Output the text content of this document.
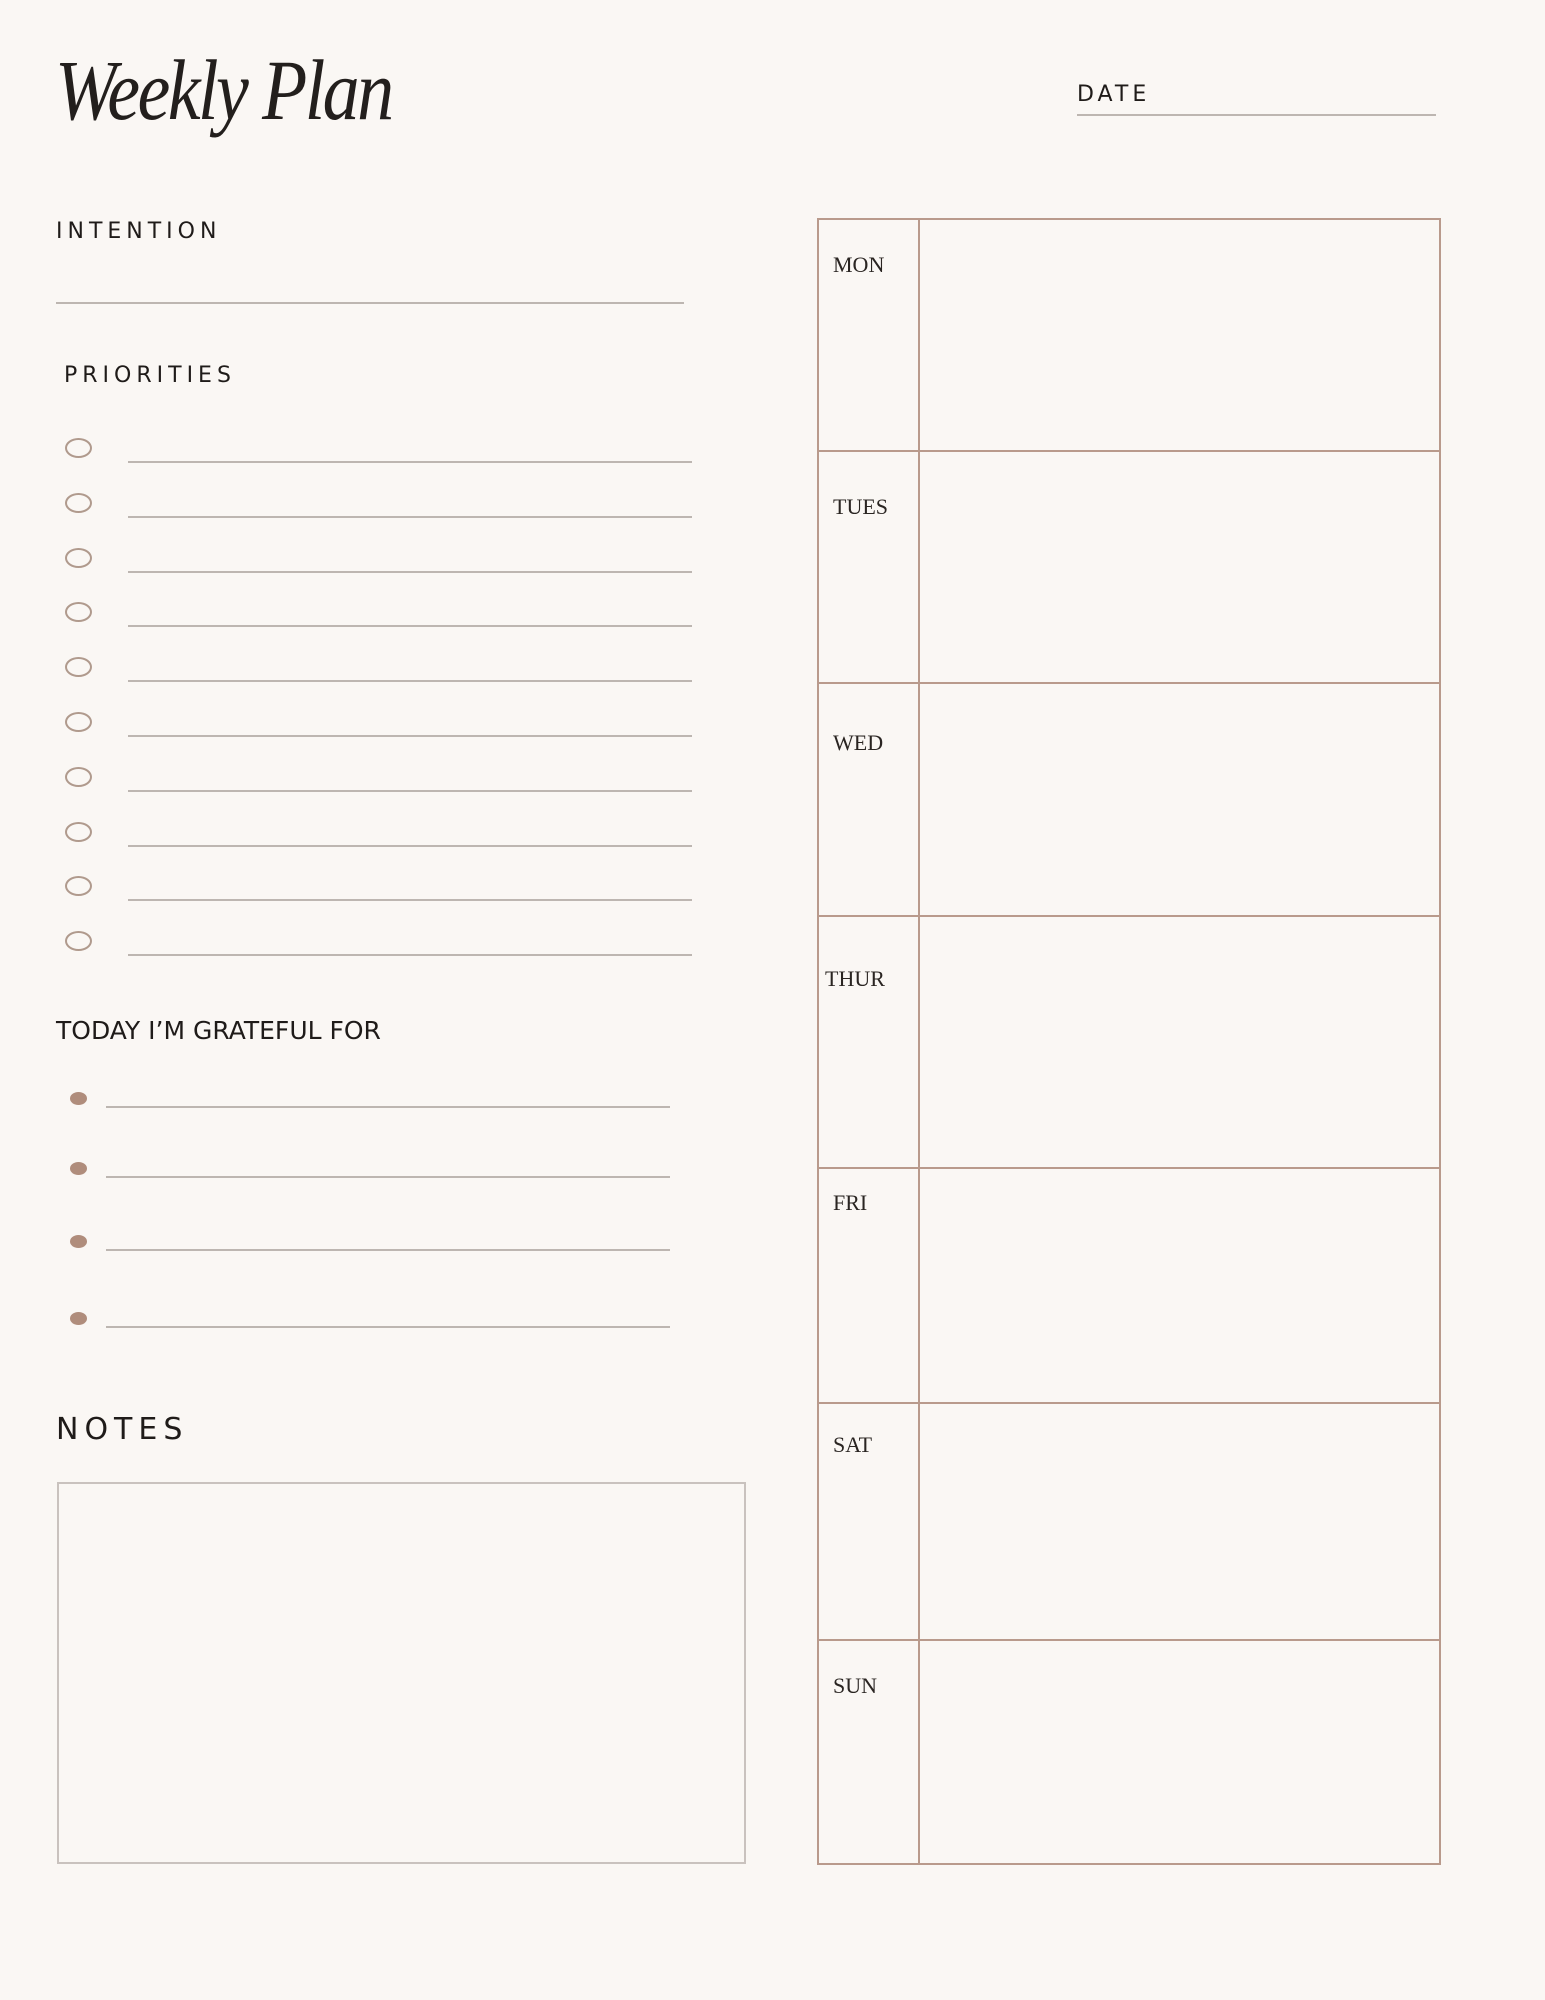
Weekly Plan	DATE
INTENTION
PRIORITIES
TODAY I’M GRATEFUL FOR
NOTES
MON
TUES
WED
THUR
FRI
SAT
SUN
